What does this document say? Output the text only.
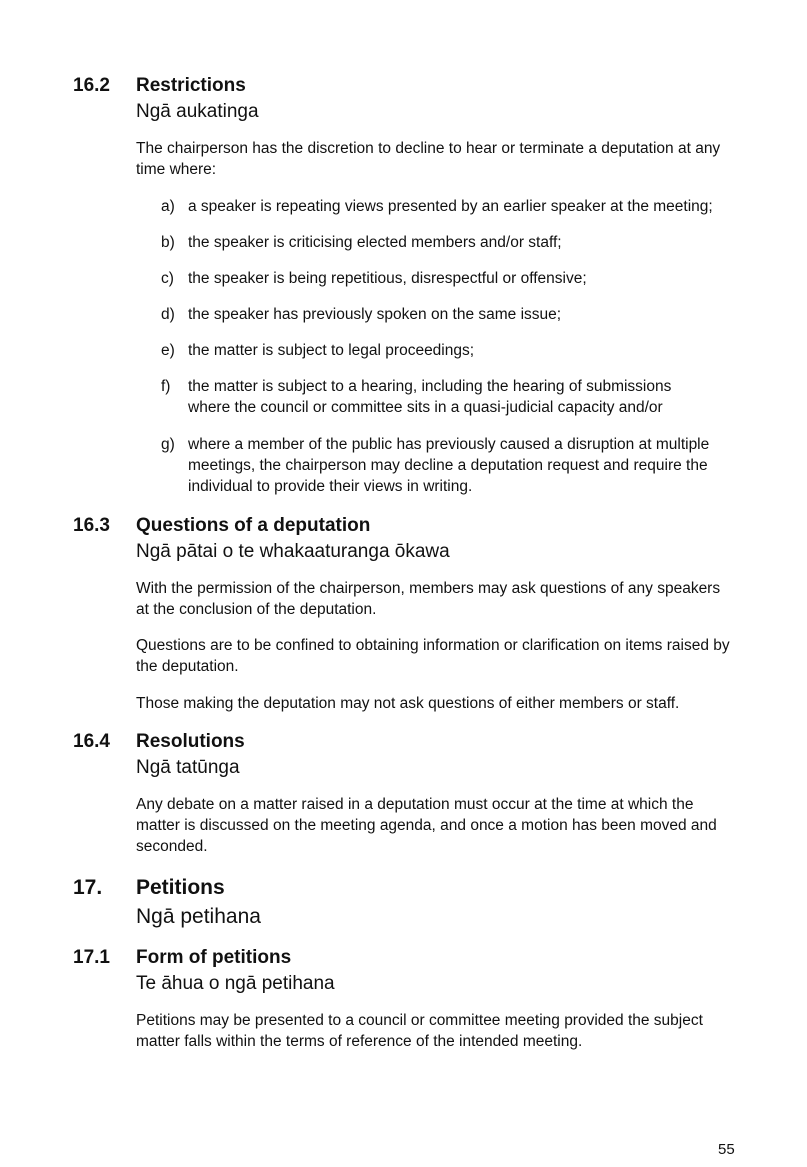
16.2 Restrictions
Ngā aukatinga
The chairperson has the discretion to decline to hear or terminate a deputation at any time where:
a) a speaker is repeating views presented by an earlier speaker at the meeting;
b) the speaker is criticising elected members and/or staff;
c) the speaker is being repetitious, disrespectful or offensive;
d) the speaker has previously spoken on the same issue;
e) the matter is subject to legal proceedings;
f)	the matter is subject to a hearing, including the hearing of submissions where the council or committee sits in a quasi-judicial capacity and/or
g) where a member of the public has previously caused a disruption at multiple meetings, the chairperson may decline a deputation request and require the individual to provide their views in writing.
16.3 Questions of a deputation
Ngā pātai o te whakaaturanga ōkawa
With the permission of the chairperson, members may ask questions of any speakers at the conclusion of the deputation.
Questions are to be confined to obtaining information or clarification on items raised by the deputation.
Those making the deputation may not ask questions of either members or staff.
16.4 Resolutions
Ngā tatūnga
Any debate on a matter raised in a deputation must occur at the time at which the matter is discussed on the meeting agenda, and once a motion has been moved and seconded.
17. Petitions
Ngā petihana
17.1 Form of petitions
Te āhua o ngā petihana
Petitions may be presented to a council or committee meeting provided the subject matter falls within the terms of reference of the intended meeting.
55
